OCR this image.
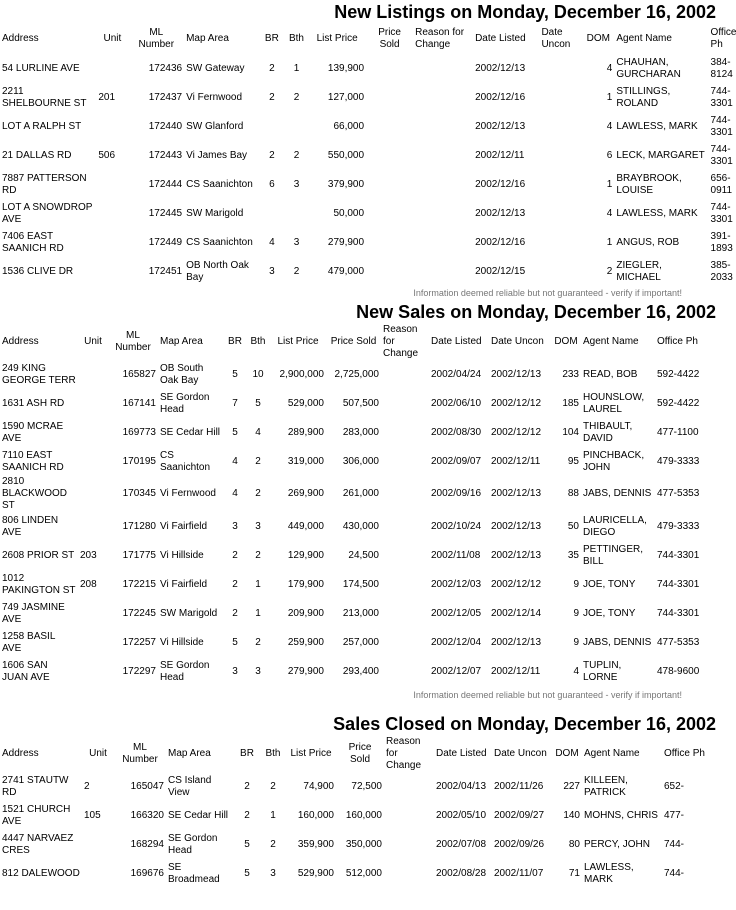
New Listings on Monday, December 16, 2002
Address	Unit	ML Number	Map Area	BR	Bth	List Price	Price Sold	Reason for Change	Date Listed	Date Uncon	DOM	Agent Name	Office Ph
54 LURLINE AVE		172436	SW Gateway	2	1	139,900			2002/12/13		4	CHAUHAN, GURCHARAN	384-8124
2211 SHELBOURNE ST	201	172437	Vi Fernwood	2	2	127,000			2002/12/16		1	STILLINGS, ROLAND	744-3301
LOT A RALPH ST		172440	SW Glanford			66,000			2002/12/13		4	LAWLESS, MARK	744-3301
21 DALLAS RD	506	172443	Vi James Bay	2	2	550,000			2002/12/11		6	LECK, MARGARET	744-3301
7887 PATTERSON RD		172444	CS Saanichton	6	3	379,900			2002/12/16		1	BRAYBROOK, LOUISE	656-0911
LOT A SNOWDROP AVE		172445	SW Marigold			50,000			2002/12/13		4	LAWLESS, MARK	744-3301
7406 EAST SAANICH RD		172449	CS Saanichton	4	3	279,900			2002/12/16		1	ANGUS, ROB	391-1893
1536 CLIVE DR		172451	OB North Oak Bay	3	2	479,000			2002/12/15		2	ZIEGLER, MICHAEL	385-2033
Information deemed reliable but not guaranteed - verify if important!
New Sales on Monday, December 16, 2002
Address	Unit	ML Number	Map Area	BR	Bth	List Price	Price Sold	Reason for Change	Date Listed	Date Uncon	DOM	Agent Name	Office Ph
249 KING GEORGE TERR		165827	OB South Oak Bay	5	10	2,900,000	2,725,000		2002/04/24	2002/12/13	233	READ, BOB	592-4422
1631 ASH RD		167141	SE Gordon Head	7	5	529,000	507,500		2002/06/10	2002/12/12	185	HOUNSLOW, LAUREL	592-4422
1590 MCRAE AVE		169773	SE Cedar Hill	5	4	289,900	283,000		2002/08/30	2002/12/12	104	THIBAULT, DAVID	477-1100
7110 EAST SAANICH RD		170195	CS Saanichton	4	2	319,000	306,000		2002/09/07	2002/12/11	95	PINCHBACK, JOHN	479-3333
2810 BLACKWOOD ST		170345	Vi Fernwood	4	2	269,900	261,000		2002/09/16	2002/12/13	88	JABS, DENNIS	477-5353
806 LINDEN AVE		171280	Vi Fairfield	3	3	449,000	430,000		2002/10/24	2002/12/13	50	LAURICELLA, DIEGO	479-3333
2608 PRIOR ST	203	171775	Vi Hillside	2	2	129,900	24,500		2002/11/08	2002/12/13	35	PETTINGER, BILL	744-3301
1012 PAKINGTON ST	208	172215	Vi Fairfield	2	1	179,900	174,500		2002/12/03	2002/12/12	9	JOE, TONY	744-3301
749 JASMINE AVE		172245	SW Marigold	2	1	209,900	213,000		2002/12/05	2002/12/14	9	JOE, TONY	744-3301
1258 BASIL AVE		172257	Vi Hillside	5	2	259,900	257,000		2002/12/04	2002/12/13	9	JABS, DENNIS	477-5353
1606 SAN JUAN AVE		172297	SE Gordon Head	3	3	279,900	293,400		2002/12/07	2002/12/11	4	TUPLIN, LORNE	478-9600
Information deemed reliable but not guaranteed - verify if important!
Sales Closed on Monday, December 16, 2002
Address	Unit	ML Number	Map Area	BR	Bth	List Price	Price Sold	Reason for Change	Date Listed	Date Uncon	DOM	Agent Name	Office Ph
2741 STAUTW RD	2	165047	CS Island View	2	2	74,900	72,500		2002/04/13	2002/11/26	227	KILLEEN, PATRICK	652-
1521 CHURCH AVE	105	166320	SE Cedar Hill	2	1	160,000	160,000		2002/05/10	2002/09/27	140	MOHNS, CHRIS	477-
4447 NARVAEZ CRES		168294	SE Gordon Head	5	2	359,900	350,000		2002/07/08	2002/09/26	80	PERCY, JOHN	744-
812 DALEWOOD		169676	SE Broadmead	5	3	529,900	512,000		2002/08/28	2002/11/07	71	LAWLESS, MARK	744-
